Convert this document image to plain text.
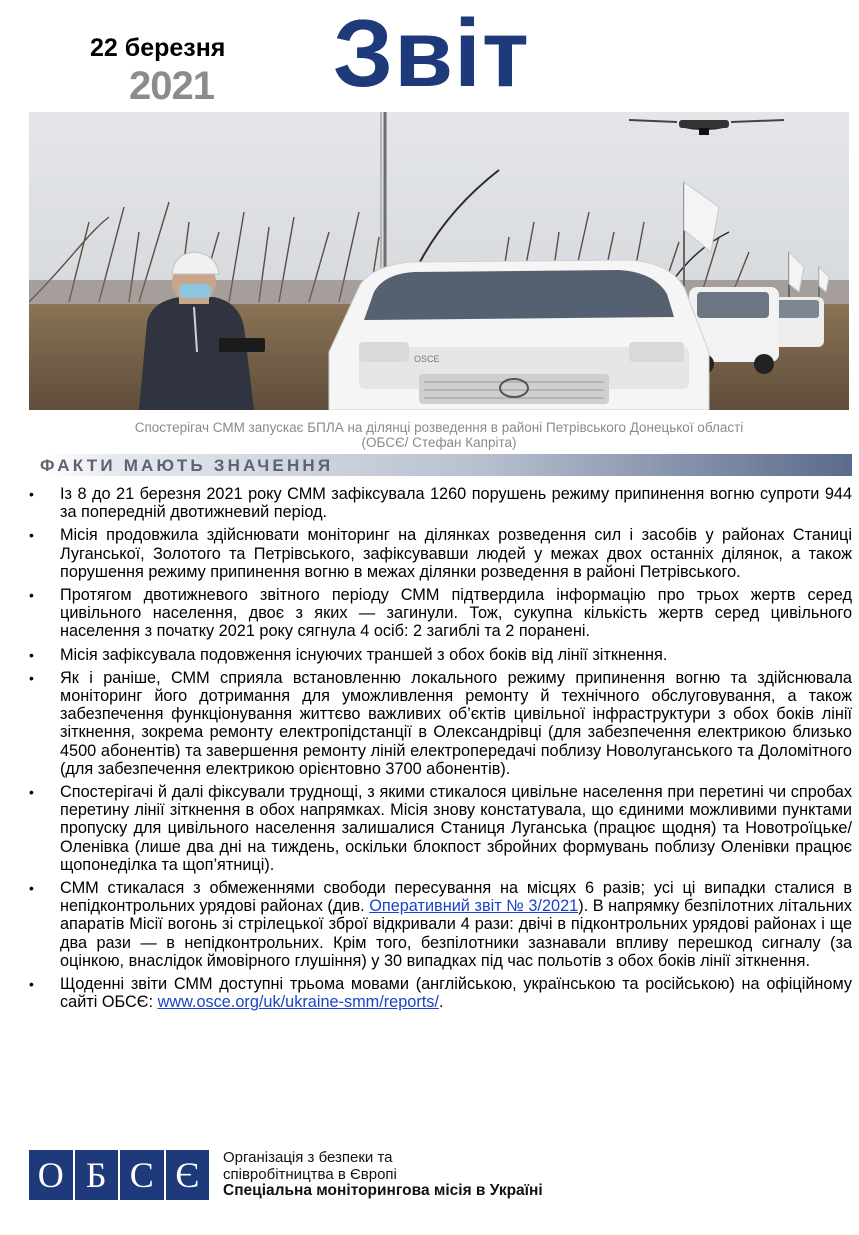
22 березня
2021 Звіт
OSCE
Спостерігач СММ запускає БПЛА на ділянці розведення в районі Петрівського Донецької області
(ОБСЄ/ Стефан Капріта)
ФАКТИ МАЮТЬ ЗНАЧЕННЯ
• Із 8 до 21 березня 2021 року СММ зафіксувала 1260 порушень режиму припинення вогню супроти 944 за попередній двотижневий період.
• Місія продовжила здійснювати моніторинг на ділянках розведення сил і засобів у районах Станиці Луганської, Золотого та Петрівського, зафіксувавши людей у межах двох останніх ділянок, а також порушення режиму припинення вогню в межах ділянки розведення в районі Петрівського.
• Протягом двотижневого звітного періоду СММ підтвердила інформацію про трьох жертв серед цивільного населення, двоє з яких — загинули. Тож, сукупна кількість жертв серед цивільного населення з початку 2021 року сягнула 4 осіб: 2 загиблі та 2 поранені.
• Місія зафіксувала подовження існуючих траншей з обох боків від лінії зіткнення.
• Як і раніше, СММ сприяла встановленню локального режиму припинення вогню та здійснювала моніторинг його дотримання для уможливлення ремонту й технічного обслуговування, а також забезпечення функціонування життєво важливих об’єктів цивільної інфраструктури з обох боків лінії зіткнення, зокрема ремонту електропідстанції в Олександрівці (для забезпечення електрикою близько 4500 абонентів) та завершення ремонту ліній електропередачі поблизу Новолуганського та Доломітного (для забезпечення електрикою орієнтовно 3700 абонентів).
• Спостерігачі й далі фіксували труднощі, з якими стикалося цивільне населення при перетині чи спробах перетину лінії зіткнення в обох напрямках. Місія знову констатувала, що єдиними можливими пунктами пропуску для цивільного населення залишалися Станиця Луганська (працює щодня) та Новотроїцьке/Оленівка (лише два дні на тиждень, оскільки блокпост збройних формувань поблизу Оленівки працює щопонеділка та щоп’ятниці).
• СММ стикалася з обмеженнями свободи пересування на місцях 6 разів; усі ці випадки сталися в непідконтрольних урядові районах (див. Оперативний звіт № 3/2021). В напрямку безпілотних літальних апаратів Місії вогонь зі стрілецької зброї відкривали 4 рази: двічі в підконтрольних урядові районах і ще два рази — в непідконтрольних. Крім того, безпілотники зазнавали впливу перешкод сигналу (за оцінкою, внаслідок ймовірного глушіння) у 30 випадках під час польотів з обох боків лінії зіткнення.
• Щоденні звіти СММ доступні трьома мовами (англійською, українською та російською) на офіційному сайті ОБСЄ: www.osce.org/uk/ukraine-smm/reports/.
О Б С Є	Організація з безпеки та
співробітництва в Європі
Спеціальна моніторингова місія в Україні
